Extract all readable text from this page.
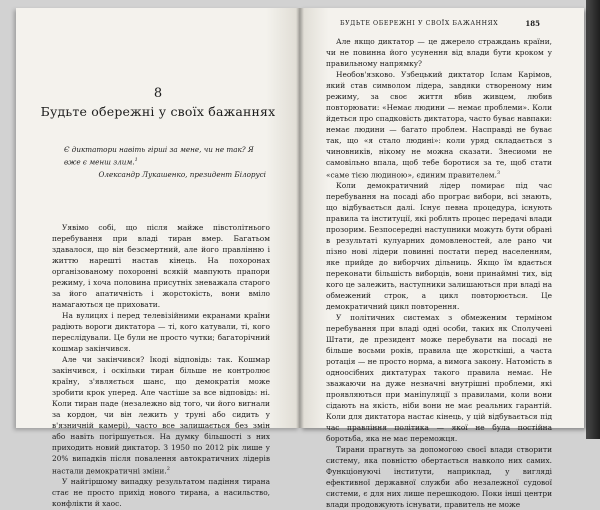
8
Будьте обережні у своїх бажаннях
Є диктатори навіть гірші за мене, чи не так? Я вже є менш злим.$^1$
Олександр Лукашенко, президент Білорусі

Уявімо собі, що після майже півстолітнього перебування при владі тиран вмер. Багатьом здавалося, що він безсмертний, але його правлінню і життю нарешті настав кінець. На похоронах організованому похоронні всякій мавпують прапори режиму, і хоча половина присутніх зневажала старого за його апатичність і жорстокість, вони вміло намагаються це приховати.

На вулицях і перед телевізійними екранами країни радіють вороги диктатора — ті, кого катували, ті, кого переслідували. Це були не просто чутки; багаторічний кошмар закінчився.

Але чи закінчився? Ікоді відповідь: так. Кошмар закінчився, і оскільки тиран більше не контролює країну, з'являється шанс, що демократія може зробити крок уперед. Але частіше за все відповідь: ні. Коли тиран паде (незалежно від того, чи його вигнали за кордон, чи він лежить у труні або сидить у в'язничній камері), часто все залишається без змін або навіть погіршується. На думку більшості з них приходить новий диктатор. З 1950 по 2012 рік лише у 20% випадків після повалення автократичних лідерів настали демократичні зміни.$^2$

У найгіршому випадку результатом падіння тирана стає не просто прихід нового тирана, а насильство, конфлікти й хаос.

БУДЬТЕ ОБЕРЕЖНІ У СВОЇХ БАЖАННЯХ	185

Але якщо диктатор — це джерело страждань країни, чи не повинна його усунення від влади бути кроком у правильному напрямку?

Необов'язково. Узбецький диктатор Іслам Карімов, який став символом лідера, завдяки створеному ним режиму, за своє життя вбив живцем, любив повторювати: «Немає людини — немає проблеми». Коли йдеться про спадковість диктатора, часто буває навпаки: немає людини — багато проблем. Насправді не буває так, що «я стало людині»: коли уряд складається з чиновників, нікому не можна сказати. Знесиоми не самовільно впала, щоб тебе боротися за те, щоб стати «саме тією людиною», єдиним правителем.$^3$

Коли демократичний лідер помирає під час перебування на посаді або програє вибори, всі знають, що відбувається далі. Існує певна процедура, існують правила та інституції, які роблять процес передачі влади прозорим. Безпосередні наступники можуть бути обрані в результаті кулуарних домовленостей, але рано чи пізно нові лідери повинні постати перед населенням, яке прийде до виборчих дільниць. Якщо їм вдається переконати більшість виборців, вони принаймні тих, від кого це залежить, наступники залишаються при владі на обмежений строк, а цикл повторюється. Це демократичний цикл повторення.

У політичних системах з обмеженим терміном перебування при владі одні особи, таких як Сполучені Штати, де президент може перебувати на посаді не більше восьми років, правила ще жорсткіші, а часта ротація — не просто норма, а вимога закону. Натомість в одноосібних диктатурах такого правила немає. Не зважаючи на дуже незначні внутрішні проблеми, які проявляються при маніпуляції з правилами, коли вони сідають на якість, ніби вони не має реальних гарантій. Коли для диктатора настає кінець, у цій відбувається під час правління політика — якої не була постійна боротьба, яка не має переможця.

Тирани прагнуть за допомогою своєї влади створити систему, яка повністю обертається навколо них самих. Функціонуючі інститути, наприклад, у вигляді ефективної державної служби або незалежної судової системи, є для них лише перешкодою. Поки інші центри влади продовжують існувати, правитель не може
